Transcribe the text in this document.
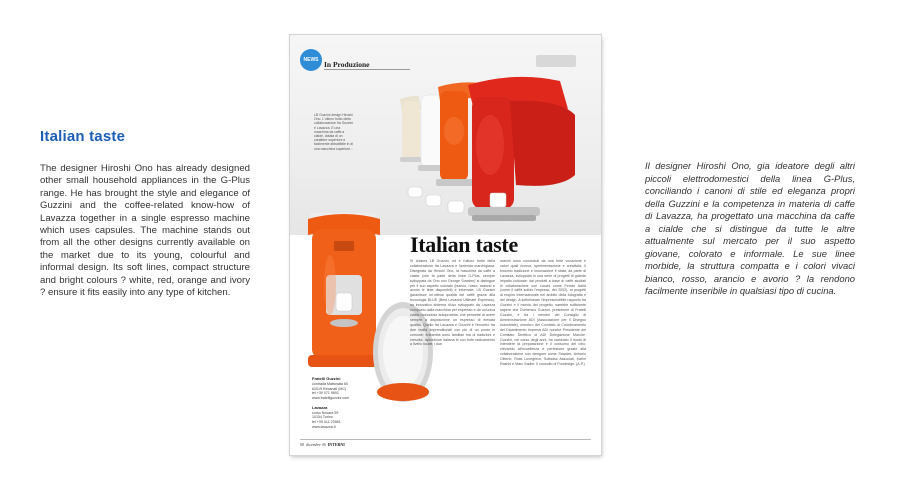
Italian taste

The designer Hiroshi Ono has already designed other small household appliances in the G-Plus range. He has brought the style and elegance of Guzzini and the coffee-related know-how of Lavazza together in a single espresso machine which uses capsules. The machine stands out from all the other designs currently available on the market due to its young, colourful and informal design. Its soft lines, compact structure and bright colours ? white, red, orange and ivory ? ensure it fits easily into any type of kitchen.

NEWS In Produzione
LB Guzzini design Hiroshi Ono. L'ultimo frutto della collaborazione fra Guzzini e Lavazza. E una macchina da caffe a cialde, dotata di un carattere superiore e facilmente abbattibile in di una macchina superiore...
Italian taste
Si chiama LB Guzzini, ed è l'ultimo frutto della collaborazione fra Lavazza e l'azienda marchigiana. Disegnata da Hiroshi Ono, la macchina da caffè a cialde (che fa parte della linea G-Plus, sempre sviluppata da Ono con George Sowden) si distingue per il suo aspetto colorato (bianco, rosso, arancio e avorio le tinte disponibili) e informale. LB Guzzini garantisce un'ottima qualità del caffè grazie alla tecnologia BLUE (Best Lavazza Ultimate Espresso), un innovativo sistema d'uso sviluppato da Lavazza composto dalla macchina per espresso e da un'unica cialda monodose autoprotetta, che permette di avere sempre a disposizione un espresso di elevata qualità. Quello fra Lavazza e Guzzini è l'incontro tra due realtà imprenditoriali con più di un punto in comune: entrambe sono familiari ma di tradizioni e crescita. Ispirazione italiana le con forte radicamento a livello locale, i due
marchi sono conosciuti da una forte vocazione e valori quali ricerca, sperimentazione e creatività. Il binomio tradizione e innovazione è stata, da parte di Lavazza, sviluppato in una serie di progetti di grande impatto culturale: dai prodotti a base di caffè studiati in collaborazione con cuochi come Ferran Adrià (come il caffè solido l'espesso, del 2002), ai progetti di respiro internazionale nel ambito della fotografia e del design. A sottolineare l'imprescindibile rapporto fra Guzzini e il mondo del progetto, sarebbe sufficiente sapere che Domenico Guzzini, presidente di Fratelli Guzzini, è tra i membri del Consiglio di Amministrazione ADI (Associazione per il Disegno Industriale), membro del Comitato di Coordinamento del Dipartimento Impresa ADI nonché Presidente del Comitato Direttivo di ADI Delegazione Marche. Guzzini, nel corso degli anni, ha cambiato il modo di intendere la preparazione e il consumo del cibo, elevando all'eccellenza e perfezione grazie alla collaborazione con designer come Sowden, Antonio Citterio, Ross Lovegrove, Sottsass Associati, Karim Rashid e Marc Sadler. Il consulto di Foodesign. (A.P.)
Fratelli Guzzini
contrada Mattonata 60
62019 Recanati (MC)
tel +39 071 9891
www.fratelliguzzini.com

Lavazza
corso Novara 59
10154 Torino
tel +39 011 23981
www.lavazza.it
68 dicembre 06 INTERNI

Il designer Hiroshi Ono, gia ideatore degli altri piccoli elettrodomestici della linea G-Plus, conciliando i canoni di stile ed eleganza propri della Guzzini e la competenza in materia di caffe di Lavazza, ha progettato una macchina da caffe a cialde che si distingue da tutte le altre attualmente sul mercato per il suo aspetto giovane, colorato e informale. Le sue linee morbide, la struttura compatta e i colori vivaci bianco, rosso, arancio e avorio ? la rendono facilmente inseribile in qualsiasi tipo di cucina.
